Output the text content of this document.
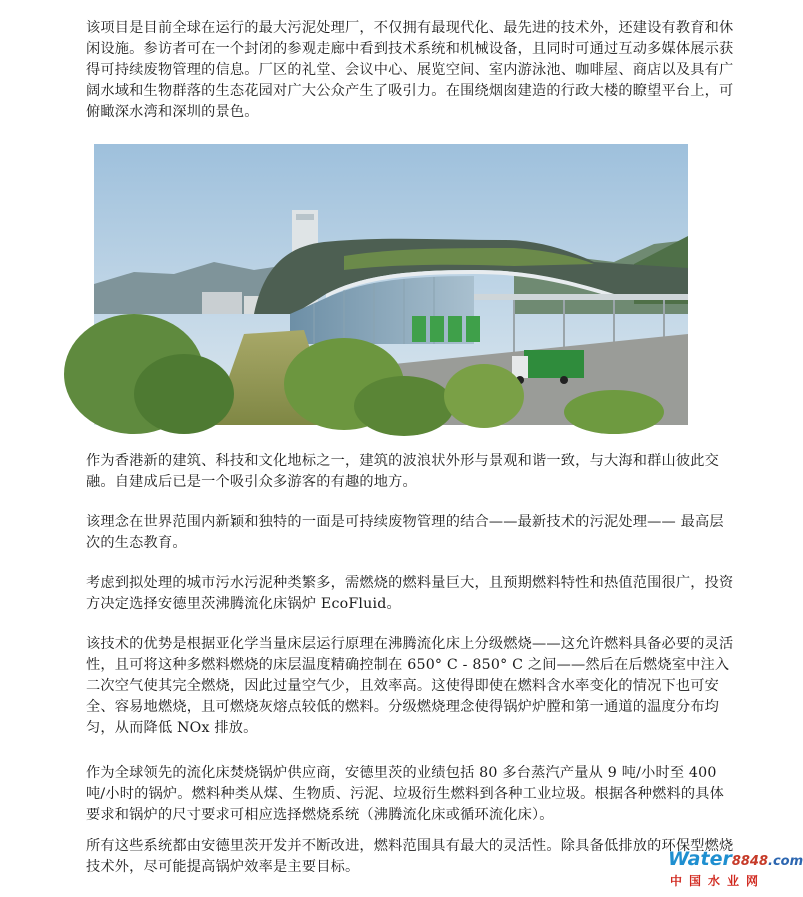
该项目是目前全球在运行的最大污泥处理厂，不仅拥有最现代化、最先进的技术外，还建设有教育和休闲设施。参访者可在一个封闭的参观走廊中看到技术系统和机械设备，且同时可通过互动多媒体展示获得可持续废物管理的信息。厂区的礼堂、会议中心、展览空间、室内游泳池、咖啡屋、商店以及具有广阔水域和生物群落的生态花园对广大公众产生了吸引力。在围绕烟囱建造的行政大楼的瞭望平台上，可俯瞰深水湾和深圳的景色。

作为香港新的建筑、科技和文化地标之一，建筑的波浪状外形与景观和谐一致，与大海和群山彼此交融。自建成后已是一个吸引众多游客的有趣的地方。

该理念在世界范围内新颖和独特的一面是可持续废物管理的结合——最新技术的污泥处理—— 最高层次的生态教育。

考虑到拟处理的城市污水污泥种类繁多，需燃烧的燃料量巨大，且预期燃料特性和热值范围很广，投资方决定选择安德里茨沸腾流化床锅炉 EcoFluid。

该技术的优势是根据亚化学当量床层运行原理在沸腾流化床上分级燃烧——这允许燃料具备必要的灵活性，且可将这种多燃料燃烧的床层温度精确控制在 650° C - 850° C 之间——然后在后燃烧室中注入二次空气使其完全燃烧，因此过量空气少，且效率高。这使得即使在燃料含水率变化的情况下也可安全、容易地燃烧，且可燃烧灰熔点较低的燃料。分级燃烧理念使得锅炉炉膛和第一通道的温度分布均匀，从而降低 NOx 排放。

作为全球领先的流化床焚烧锅炉供应商，安德里茨的业绩包括 80 多台蒸汽产量从 9 吨/小时至 400 吨/小时的锅炉。燃料种类从煤、生物质、污泥、垃圾衍生燃料到各种工业垃圾。根据各种燃料的具体要求和锅炉的尺寸要求可相应选择燃烧系统（沸腾流化床或循环流化床）。

所有这些系统都由安德里茨开发并不断改进，燃料范围具有最大的灵活性。除具备低排放的环保型燃烧技术外，尽可能提高锅炉效率是主要目标。	Water8848.com
中国水业网
